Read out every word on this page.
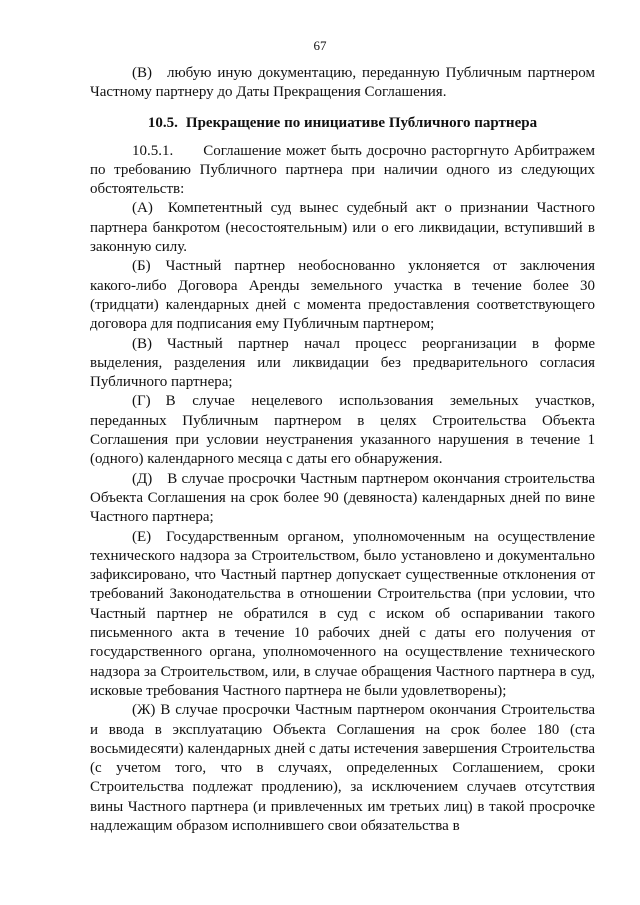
67

(В) любую иную документацию, переданную Публичным партнером Частному партнеру до Даты Прекращения Соглашения.

10.5. Прекращение по инициативе Публичного партнера

10.5.1.  Соглашение может быть досрочно расторгнуто Арбитражем по требованию Публичного партнера при наличии одного из следующих обстоятельств:

(А) Компетентный суд вынес судебный акт о признании Частного партнера банкротом (несостоятельным) или о его ликвидации, вступивший в законную силу.

(Б) Частный партнер необоснованно уклоняется от заключения какого-либо Договора Аренды земельного участка в течение более 30 (тридцати) календарных дней с момента предоставления соответствующего договора для подписания ему Публичным партнером;

(В) Частный партнер начал процесс реорганизации в форме выделения, разделения или ликвидации без предварительного согласия Публичного партнера;

(Г) В случае нецелевого использования земельных участков, переданных Публичным партнером в целях Строительства Объекта Соглашения при условии неустранения указанного нарушения в течение 1 (одного) календарного месяца с даты его обнаружения.

(Д) В случае просрочки Частным партнером окончания строительства Объекта Соглашения на срок более 90 (девяноста) календарных дней по вине Частного партнера;

(Е) Государственным органом, уполномоченным на осуществление технического надзора за Строительством, было установлено и документально зафиксировано, что Частный партнер допускает существенные отклонения от требований Законодательства в отношении Строительства (при условии, что Частный партнер не обратился в суд с иском об оспаривании такого письменного акта в течение 10 рабочих дней с даты его получения от государственного органа, уполномоченного на осуществление технического надзора за Строительством, или, в случае обращения Частного партнера в суд, исковые требования Частного партнера не были удовлетворены);

(Ж) В случае просрочки Частным партнером окончания Строительства и ввода в эксплуатацию Объекта Соглашения на срок более 180 (ста восьмидесяти) календарных дней с даты истечения завершения Строительства (с учетом того, что в случаях, определенных Соглашением, сроки Строительства подлежат продлению), за исключением случаев отсутствия вины Частного партнера (и привлеченных им третьих лиц) в такой просрочке надлежащим образом исполнившего свои обязательства в
